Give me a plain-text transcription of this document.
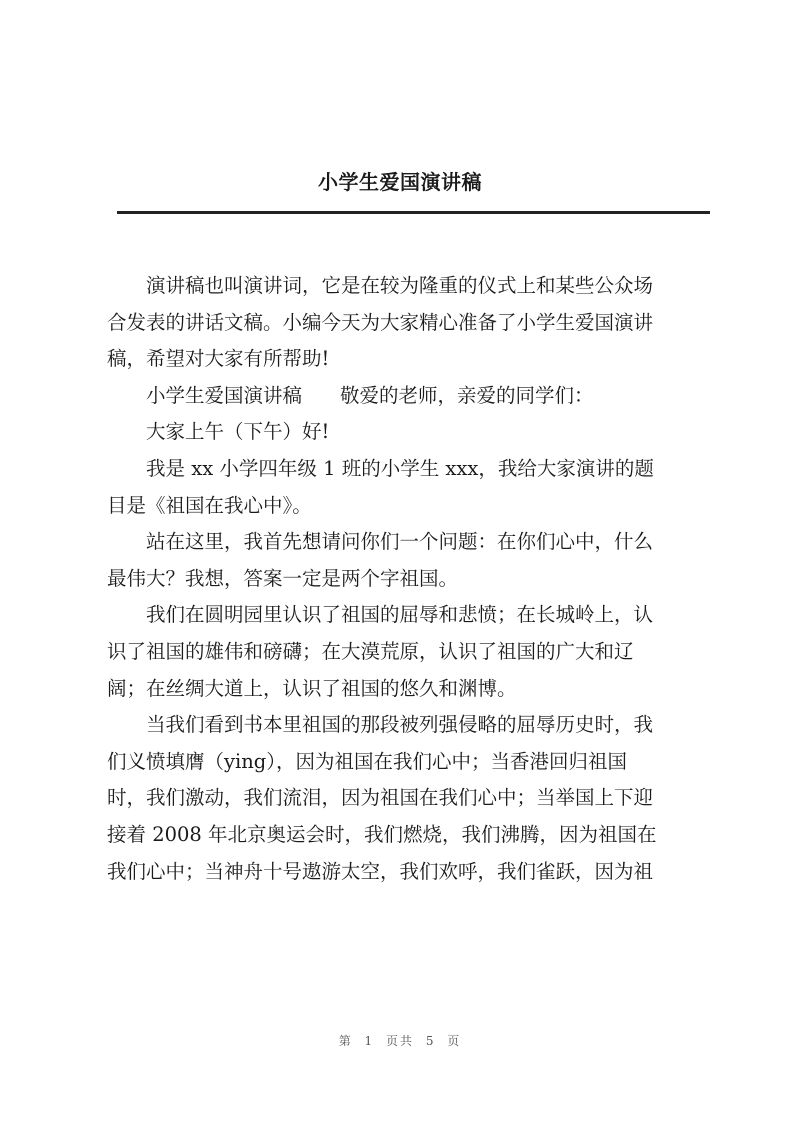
小学生爱国演讲稿

演讲稿也叫演讲词，它是在较为隆重的仪式上和某些公众场
合发表的讲话文稿。小编今天为大家精心准备了小学生爱国演讲
稿，希望对大家有所帮助!

小学生爱国演讲稿 敬爱的老师，亲爱的同学们：

大家上午（下午）好!

我是 xx 小学四年级 1 班的小学生 xxx，我给大家演讲的题
目是《祖国在我心中》。

站在这里，我首先想请问你们一个问题：在你们心中，什么
最伟大？我想，答案一定是两个字祖国。

我们在圆明园里认识了祖国的屈辱和悲愤；在长城岭上，认
识了祖国的雄伟和磅礴；在大漠荒原，认识了祖国的广大和辽
阔；在丝绸大道上，认识了祖国的悠久和渊博。

当我们看到书本里祖国的那段被列强侵略的屈辱历史时，我
们义愤填膺（ying），因为祖国在我们心中；当香港回归祖国
时，我们激动，我们流泪，因为祖国在我们心中；当举国上下迎
接着 2008 年北京奥运会时，我们燃烧，我们沸腾，因为祖国在
我们心中；当神舟十号遨游太空，我们欢呼，我们雀跃，因为祖

第 1 页共 5 页
